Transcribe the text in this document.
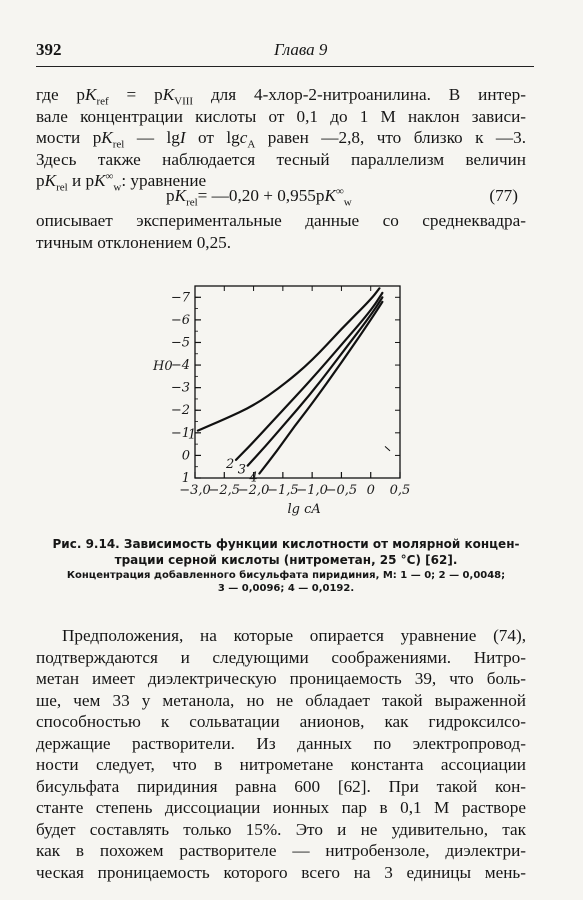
392	Глава 9
где $pK_{ref} = pK_{VIII}$ для 4-хлор-2-нитроанилина. В интер-
вале концентрации кислоты от 0,1 до 1 M наклон зависи-
мости $pK_{rel}$ — lgI от lgc$_A$ равен —2,8, что близко к —3.
Здесь также наблюдается тесный параллелизм величин
$pK_{rel}$ и $pK^\infty_w$: уравнение
$pK_{rel}=$ —0,20 + $0,955pK^\infty_w$	(77)
описывает экспериментальные данные со среднеквадра-
тичным отклонением 0,25.
−7
−6
−5
−4
−3
−2
−1
0
1
−3,0
−2,5
−2,0
−1,5
−1,0
−0,5 0 0,5
H0
lg cA
1
2 3
4
Рис. 9.14. Зависимость функции кислотности от молярной концен-
трации серной кислоты (нитрометан, 25 °C) [62].
Концентрация добавленного бисульфата пиридиния, М: 1 — 0; 2 — 0,0048;
3 — 0,0096; 4 — 0,0192.
Предположения, на которые опирается уравнение (74),
подтверждаются и следующими соображениями. Нитро-
метан имеет диэлектрическую проницаемость 39, что боль-
ше, чем 33 у метанола, но не обладает такой выраженной
способностью к сольватации анионов, как гидроксилсо-
держащие растворители. Из данных по электропровод-
ности следует, что в нитрометане константа ассоциации
бисульфата пиридиния равна 600 [62]. При такой кон-
станте степень диссоциации ионных пар в 0,1 М растворе
будет составлять только 15%. Это и не удивительно, так
как в похожем растворителе — нитробензоле, диэлектри-
ческая проницаемость которого всего на 3 единицы мень-
